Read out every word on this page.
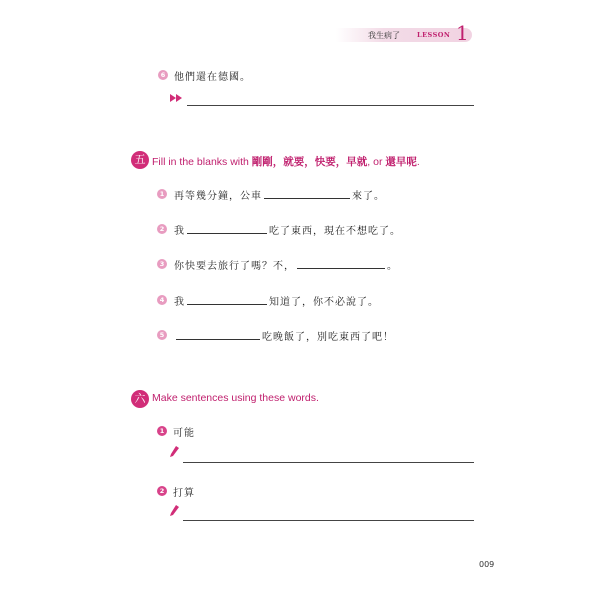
我生病了	LESSON 1
6 他們還在德國。
五 Fill in the blanks with 剛剛，就要，快要，早就, or 還早呢.
1 再等幾分鐘，公車	來了。
2 我	吃了東西，現在不想吃了。
3 你快要去旅行了嗎？不，	。
4 我	知道了，你不必說了。
5	吃晚飯了，別吃東西了吧！
六 Make sentences using these words.
1 可能
2 打算
009
